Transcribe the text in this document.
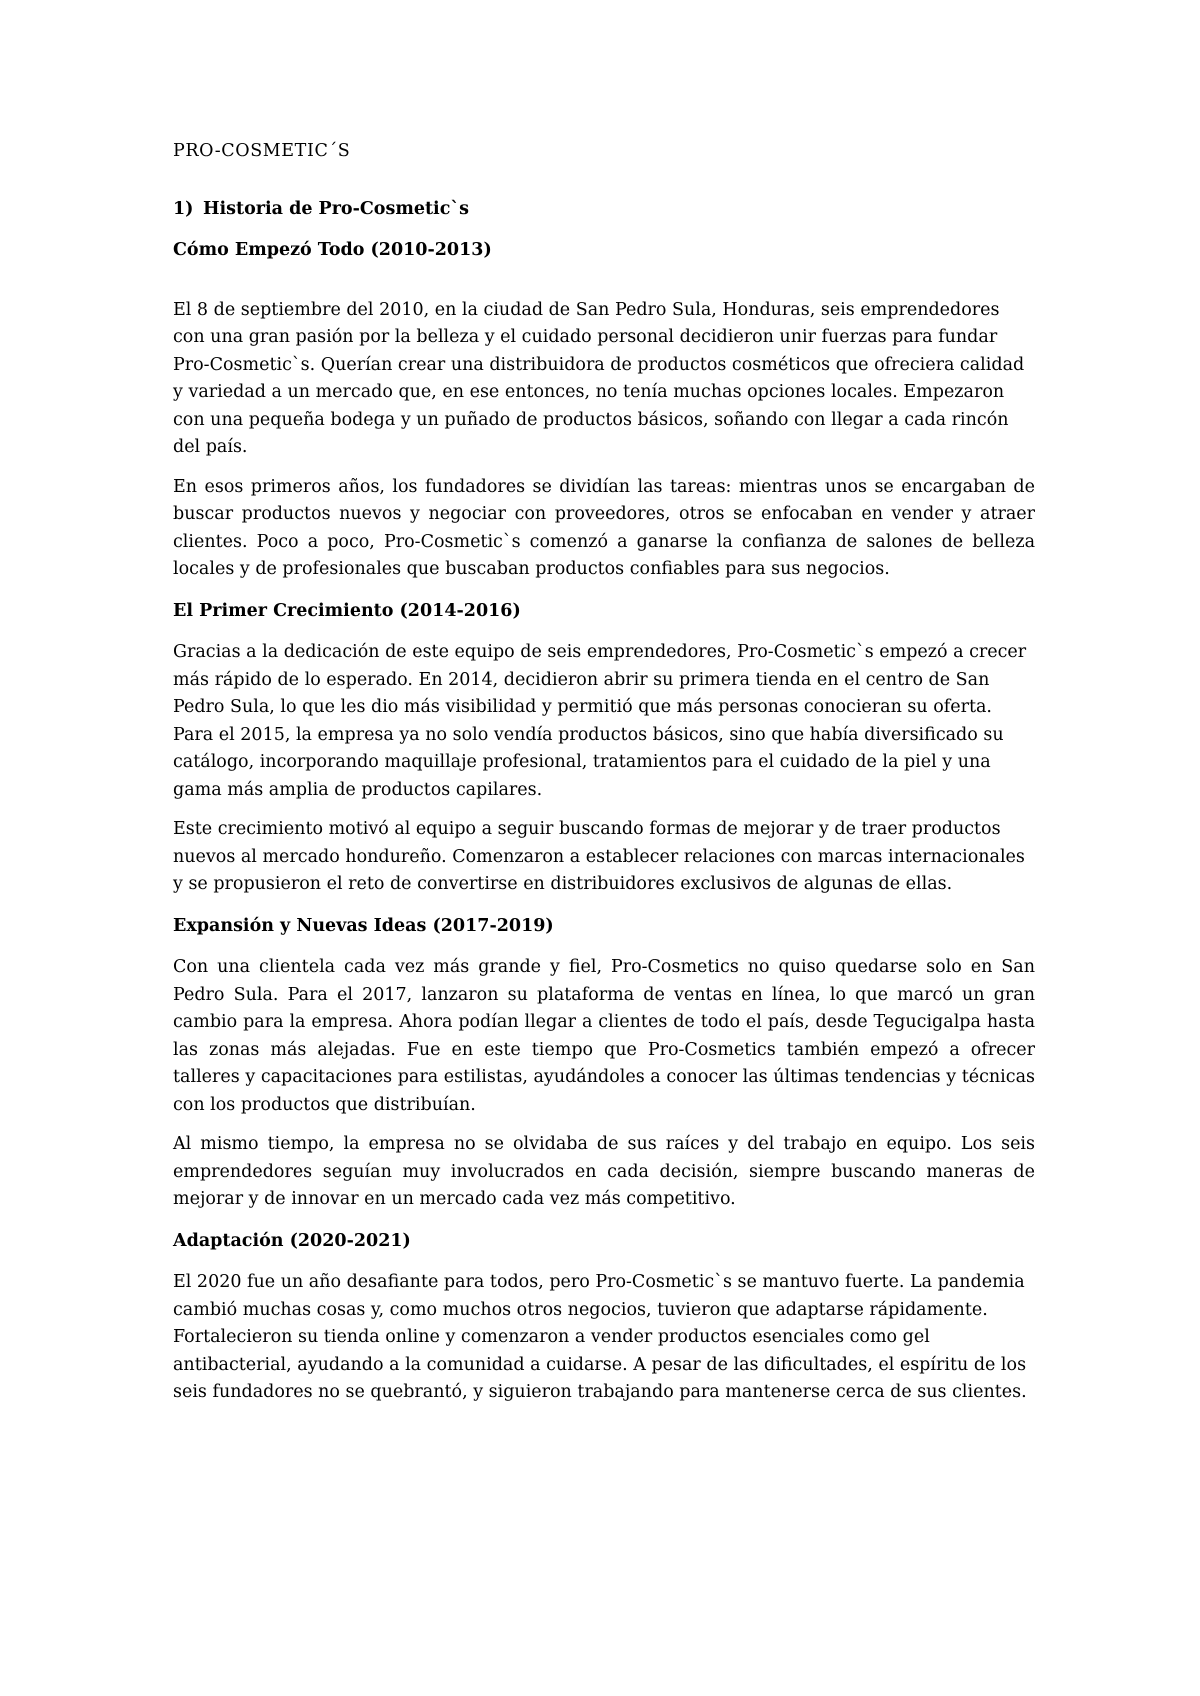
PRO-COSMETIC´S
1) Historia de Pro-Cosmetic`s
Cómo Empezó Todo (2010-2013)

El 8 de septiembre del 2010, en la ciudad de San Pedro Sula, Honduras, seis emprendedores con una gran pasión por la belleza y el cuidado personal decidieron unir fuerzas para fundar Pro-Cosmetic`s. Querían crear una distribuidora de productos cosméticos que ofreciera calidad y variedad a un mercado que, en ese entonces, no tenía muchas opciones locales. Empezaron con una pequeña bodega y un puñado de productos básicos, soñando con llegar a cada rincón del país.

En esos primeros años, los fundadores se dividían las tareas: mientras unos se encargaban de buscar productos nuevos y negociar con proveedores, otros se enfocaban en vender y atraer clientes. Poco a poco, Pro-Cosmetic`s comenzó a ganarse la confianza de salones de belleza locales y de profesionales que buscaban productos confiables para sus negocios.

El Primer Crecimiento (2014-2016)

Gracias a la dedicación de este equipo de seis emprendedores, Pro-Cosmetic`s empezó a crecer más rápido de lo esperado. En 2014, decidieron abrir su primera tienda en el centro de San Pedro Sula, lo que les dio más visibilidad y permitió que más personas conocieran su oferta. Para el 2015, la empresa ya no solo vendía productos básicos, sino que había diversificado su catálogo, incorporando maquillaje profesional, tratamientos para el cuidado de la piel y una gama más amplia de productos capilares.

Este crecimiento motivó al equipo a seguir buscando formas de mejorar y de traer productos nuevos al mercado hondureño. Comenzaron a establecer relaciones con marcas internacionales y se propusieron el reto de convertirse en distribuidores exclusivos de algunas de ellas.

Expansión y Nuevas Ideas (2017-2019)

Con una clientela cada vez más grande y fiel, Pro-Cosmetics no quiso quedarse solo en San Pedro Sula. Para el 2017, lanzaron su plataforma de ventas en línea, lo que marcó un gran cambio para la empresa. Ahora podían llegar a clientes de todo el país, desde Tegucigalpa hasta las zonas más alejadas. Fue en este tiempo que Pro-Cosmetics también empezó a ofrecer talleres y capacitaciones para estilistas, ayudándoles a conocer las últimas tendencias y técnicas con los productos que distribuían.

Al mismo tiempo, la empresa no se olvidaba de sus raíces y del trabajo en equipo. Los seis emprendedores seguían muy involucrados en cada decisión, siempre buscando maneras de mejorar y de innovar en un mercado cada vez más competitivo.

Adaptación (2020-2021)

El 2020 fue un año desafiante para todos, pero Pro-Cosmetic`s se mantuvo fuerte. La pandemia cambió muchas cosas y, como muchos otros negocios, tuvieron que adaptarse rápidamente. Fortalecieron su tienda online y comenzaron a vender productos esenciales como gel antibacterial, ayudando a la comunidad a cuidarse. A pesar de las dificultades, el espíritu de los seis fundadores no se quebrantó, y siguieron trabajando para mantenerse cerca de sus clientes.
